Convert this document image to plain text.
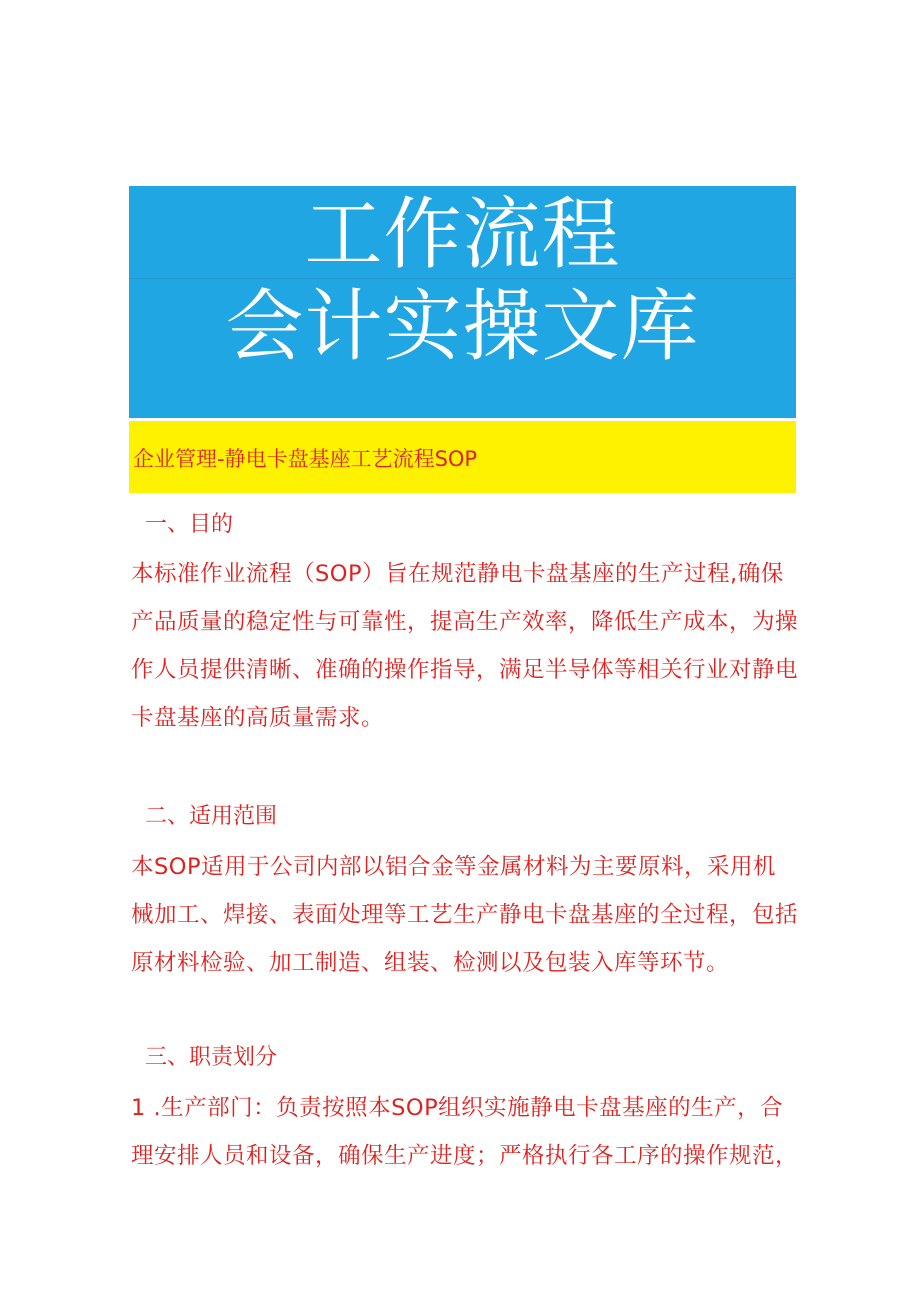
工作流程
会计实操文库
企业管理-静电卡盘基座工艺流程SOP
一、目的
本标准作业流程（SOP）旨在规范静电卡盘基座的生产过程,确保产品质量的稳定性与可靠性，提高生产效率，降低生产成本，为操作人员提供清晰、准确的操作指导，满足半导体等相关行业对静电卡盘基座的高质量需求。
二、适用范围
本SOP适用于公司内部以铝合金等金属材料为主要原料，采用机械加工、焊接、表面处理等工艺生产静电卡盘基座的全过程，包括原材料检验、加工制造、组装、检测以及包装入库等环节。
三、职责划分
1 .生产部门：负责按照本SOP组织实施静电卡盘基座的生产，合理安排人员和设备，确保生产进度；严格执行各工序的操作规范，
